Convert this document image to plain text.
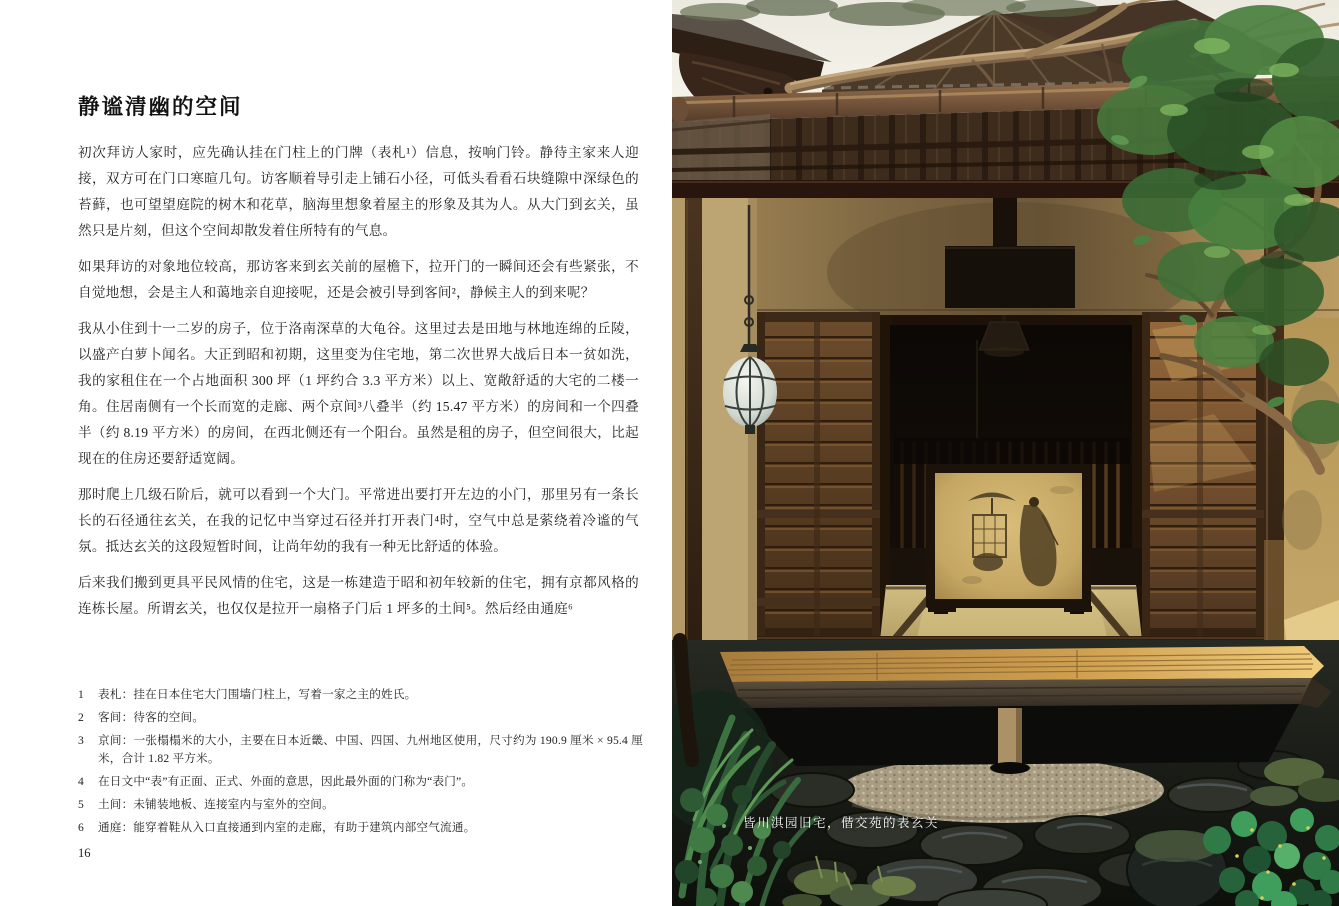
静谧清幽的空间

初次拜访人家时，应先确认挂在门柱上的门牌（表札¹）信息，按响门铃。静待主家来人迎接，双方可在门口寒暄几句。访客顺着导引走上铺石小径，可低头看看石块缝隙中深绿色的苔藓，也可望望庭院的树木和花草，脑海里想象着屋主的形象及其为人。从大门到玄关，虽然只是片刻，但这个空间却散发着住所特有的气息。

如果拜访的对象地位较高，那访客来到玄关前的屋檐下，拉开门的一瞬间还会有些紧张，不自觉地想，会是主人和蔼地亲自迎接呢，还是会被引导到客间²，静候主人的到来呢？

我从小住到十一二岁的房子，位于洛南深草的大龟谷。这里过去是田地与林地连绵的丘陵，以盛产白萝卜闻名。大正到昭和初期，这里变为住宅地，第二次世界大战后日本一贫如洗，我的家租住在一个占地面积 300 坪（1 坪约合 3.3 平方米）以上、宽敞舒适的大宅的二楼一角。住居南侧有一个长而宽的走廊、两个京间³八叠半（约 15.47 平方米）的房间和一个四叠半（约 8.19 平方米）的房间，在西北侧还有一个阳台。虽然是租的房子，但空间很大，比起现在的住房还要舒适宽阔。

那时爬上几级石阶后，就可以看到一个大门。平常进出要打开左边的小门，那里另有一条长长的石径通往玄关，在我的记忆中当穿过石径并打开表门⁴时，空气中总是萦绕着冷谧的气氛。抵达玄关的这段短暂时间，让尚年幼的我有一种无比舒适的体验。

后来我们搬到更具平民风情的住宅，这是一栋建造于昭和初年较新的住宅，拥有京都风格的连栋长屋。所谓玄关，也仅仅是拉开一扇格子门后 1 坪多的土间⁵。然后经由通庭⁶

1 表札：挂在日本住宅大门围墙门柱上，写着一家之主的姓氏。
2 客间：待客的空间。
3 京间：一张榻榻米的大小，主要在日本近畿、中国、四国、九州地区使用，尺寸约为 190.9 厘米 × 95.4 厘米，合计 1.82 平方米。
4 在日文中“表”有正面、正式、外面的意思，因此最外面的门称为“表门”。
5 土间：未铺装地板、连接室内与室外的空间。
6 通庭：能穿着鞋从入口直接通到内室的走廊，有助于建筑内部空气流通。
16
皆川淇园旧宅，偕交苑的表玄关
